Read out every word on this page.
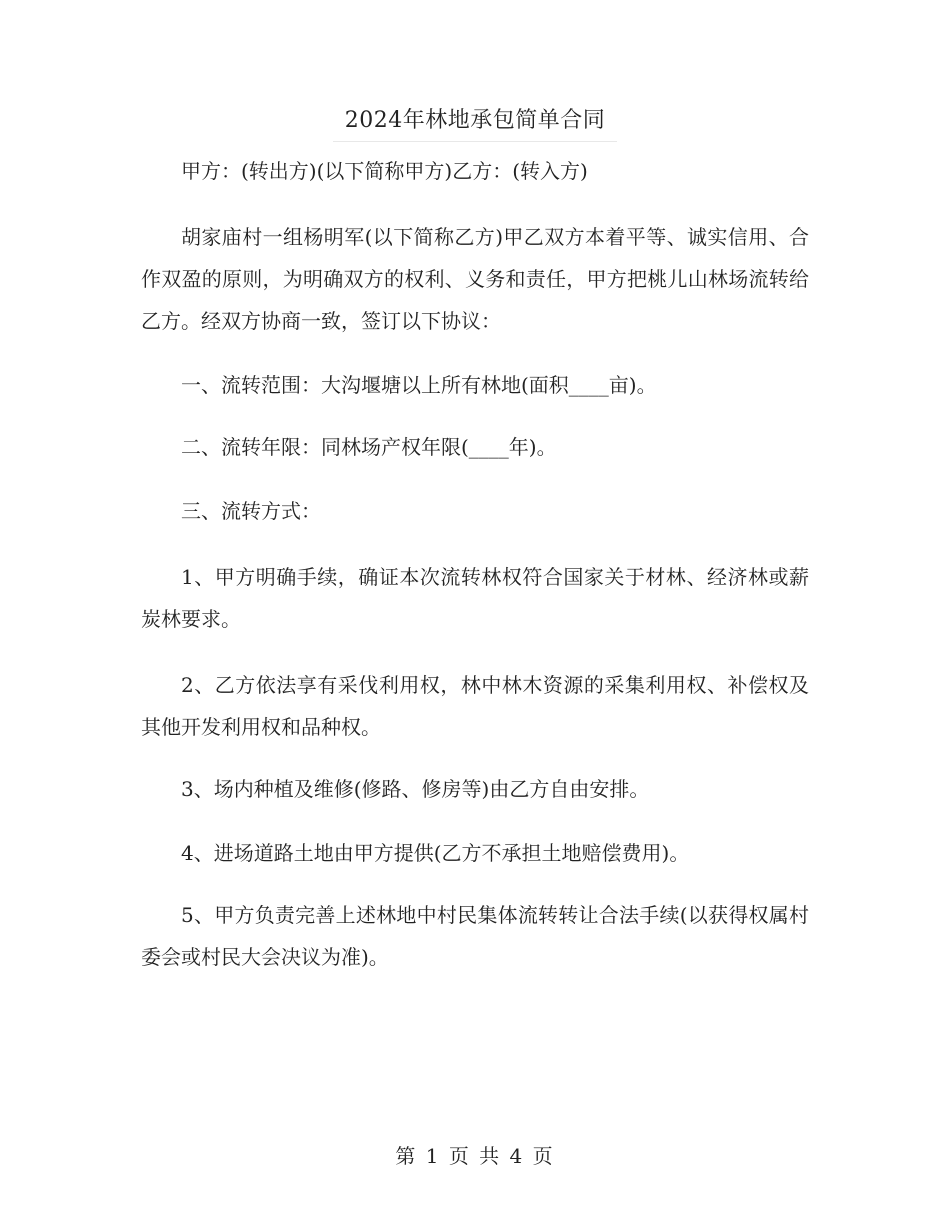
2024年林地承包简单合同

甲方：(转出方)(以下简称甲方)乙方：(转入方)

胡家庙村一组杨明军(以下简称乙方)甲乙双方本着平等、诚实信用、合作双盈的原则，为明确双方的权利、义务和责任，甲方把桃儿山林场流转给乙方。经双方协商一致，签订以下协议：

一、流转范围：大沟堰塘以上所有林地(面积____亩)。

二、流转年限：同林场产权年限(____年)。

三、流转方式：

1、甲方明确手续，确证本次流转林权符合国家关于材林、经济林或薪炭林要求。

2、乙方依法享有采伐利用权，林中林木资源的采集利用权、补偿权及其他开发利用权和品种权。

3、场内种植及维修(修路、修房等)由乙方自由安排。

4、进场道路土地由甲方提供(乙方不承担土地赔偿费用)。

5、甲方负责完善上述林地中村民集体流转转让合法手续(以获得权属村委会或村民大会决议为准)。

第 1 页 共 4 页
